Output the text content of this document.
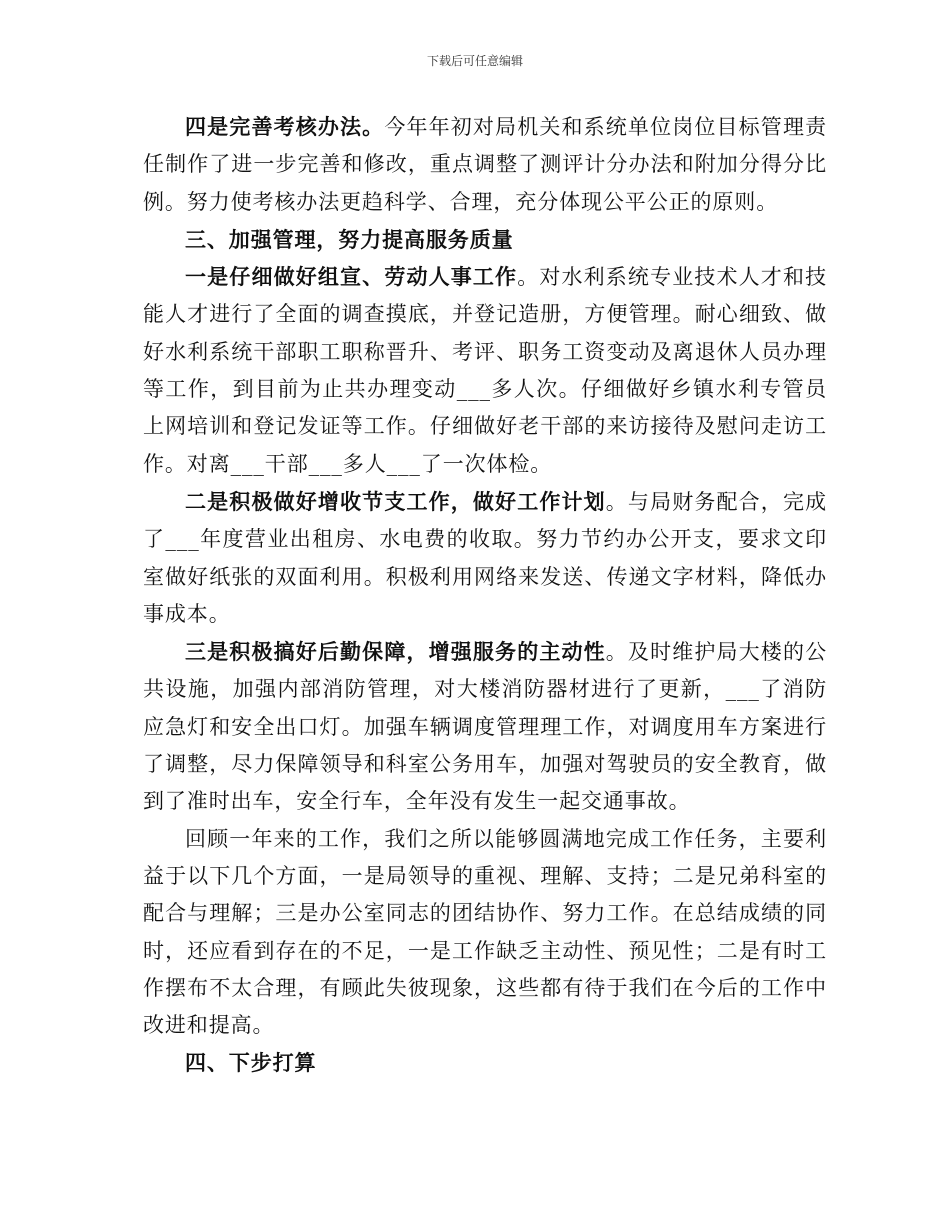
下载后可任意编辑

四是完善考核办法。今年年初对局机关和系统单位岗位目标管理责任制作了进一步完善和修改，重点调整了测评计分办法和附加分得分比例。努力使考核办法更趋科学、合理，充分体现公平公正的原则。

三、加强管理，努力提高服务质量

一是仔细做好组宣、劳动人事工作。对水利系统专业技术人才和技能人才进行了全面的调查摸底，并登记造册，方便管理。耐心细致、做好水利系统干部职工职称晋升、考评、职务工资变动及离退休人员办理等工作，到目前为止共办理变动___多人次。仔细做好乡镇水利专管员上网培训和登记发证等工作。仔细做好老干部的来访接待及慰问走访工作。对离___干部___多人___了一次体检。

二是积极做好增收节支工作，做好工作计划。与局财务配合，完成了___年度营业出租房、水电费的收取。努力节约办公开支，要求文印室做好纸张的双面利用。积极利用网络来发送、传递文字材料，降低办事成本。

三是积极搞好后勤保障，增强服务的主动性。及时维护局大楼的公共设施，加强内部消防管理，对大楼消防器材进行了更新，___了消防应急灯和安全出口灯。加强车辆调度管理理工作，对调度用车方案进行了调整，尽力保障领导和科室公务用车，加强对驾驶员的安全教育，做到了准时出车，安全行车，全年没有发生一起交通事故。

回顾一年来的工作，我们之所以能够圆满地完成工作任务，主要利益于以下几个方面，一是局领导的重视、理解、支持；二是兄弟科室的配合与理解；三是办公室同志的团结协作、努力工作。在总结成绩的同时，还应看到存在的不足，一是工作缺乏主动性、预见性；二是有时工作摆布不太合理，有顾此失彼现象，这些都有待于我们在今后的工作中改进和提高。

四、下步打算
